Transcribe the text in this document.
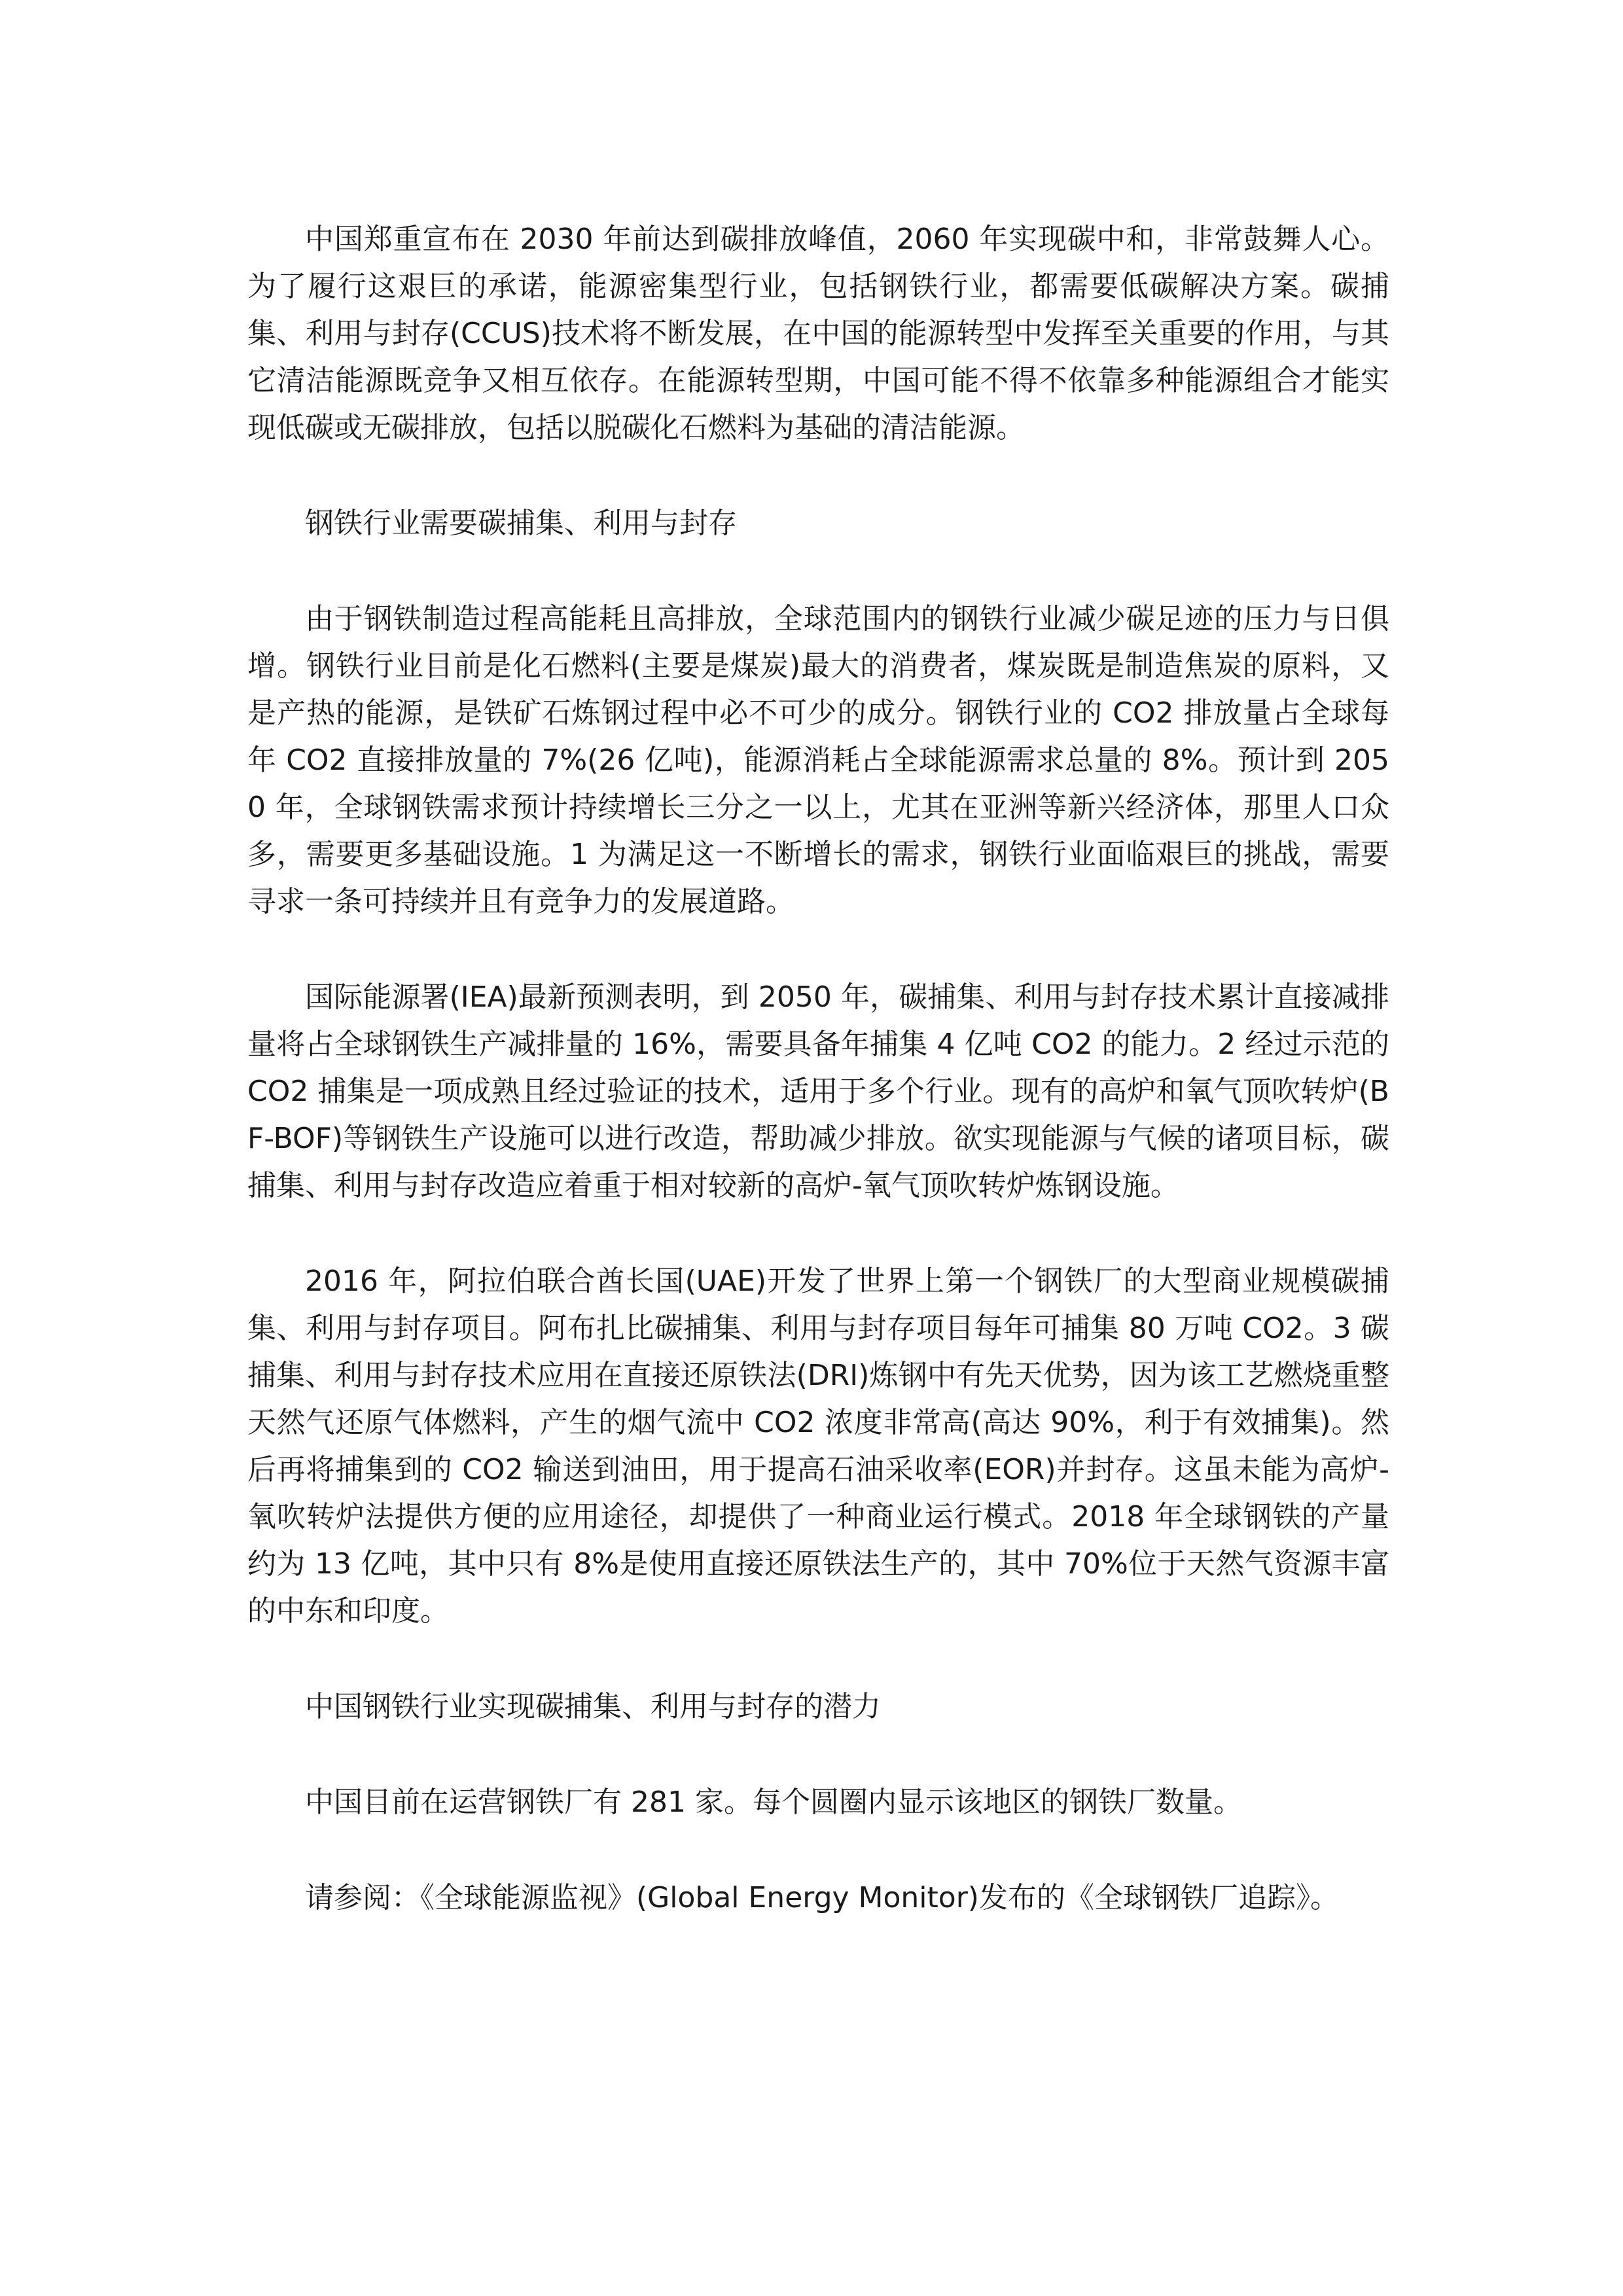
中国郑重宣布在 2030 年前达到碳排放峰值，2060 年实现碳中和，非常鼓舞人心。为了履行这艰巨的承诺，能源密集型行业，包括钢铁行业，都需要低碳解决方案。碳捕集、利用与封存(CCUS)技术将不断发展，在中国的能源转型中发挥至关重要的作用，与其它清洁能源既竞争又相互依存。在能源转型期，中国可能不得不依靠多种能源组合才能实现低碳或无碳排放，包括以脱碳化石燃料为基础的清洁能源。

钢铁行业需要碳捕集、利用与封存

由于钢铁制造过程高能耗且高排放，全球范围内的钢铁行业减少碳足迹的压力与日俱增。钢铁行业目前是化石燃料(主要是煤炭)最大的消费者，煤炭既是制造焦炭的原料，又是产热的能源，是铁矿石炼钢过程中必不可少的成分。钢铁行业的 CO2 排放量占全球每年 CO2 直接排放量的 7%(26 亿吨)，能源消耗占全球能源需求总量的 8%。预计到 2050 年，全球钢铁需求预计持续增长三分之一以上，尤其在亚洲等新兴经济体，那里人口众多，需要更多基础设施。1 为满足这一不断增长的需求，钢铁行业面临艰巨的挑战，需要寻求一条可持续并且有竞争力的发展道路。

国际能源署(IEA)最新预测表明，到 2050 年，碳捕集、利用与封存技术累计直接减排量将占全球钢铁生产减排量的 16%，需要具备年捕集 4 亿吨 CO2 的能力。2 经过示范的 CO2 捕集是一项成熟且经过验证的技术，适用于多个行业。现有的高炉和氧气顶吹转炉(BF-BOF)等钢铁生产设施可以进行改造，帮助减少排放。欲实现能源与气候的诸项目标，碳捕集、利用与封存改造应着重于相对较新的高炉-氧气顶吹转炉炼钢设施。

2016 年，阿拉伯联合酋长国(UAE)开发了世界上第一个钢铁厂的大型商业规模碳捕集、利用与封存项目。阿布扎比碳捕集、利用与封存项目每年可捕集 80 万吨 CO2。3 碳捕集、利用与封存技术应用在直接还原铁法(DRI)炼钢中有先天优势，因为该工艺燃烧重整天然气还原气体燃料，产生的烟气流中 CO2 浓度非常高(高达 90%，利于有效捕集)。然后再将捕集到的 CO2 输送到油田，用于提高石油采收率(EOR)并封存。这虽未能为高炉-氧吹转炉法提供方便的应用途径，却提供了一种商业运行模式。2018 年全球钢铁的产量约为 13 亿吨，其中只有 8%是使用直接还原铁法生产的，其中 70%位于天然气资源丰富的中东和印度。

中国钢铁行业实现碳捕集、利用与封存的潜力

中国目前在运营钢铁厂有 281 家。每个圆圈内显示该地区的钢铁厂数量。

请参阅：《全球能源监视》(Global Energy Monitor)发布的《全球钢铁厂追踪》。
